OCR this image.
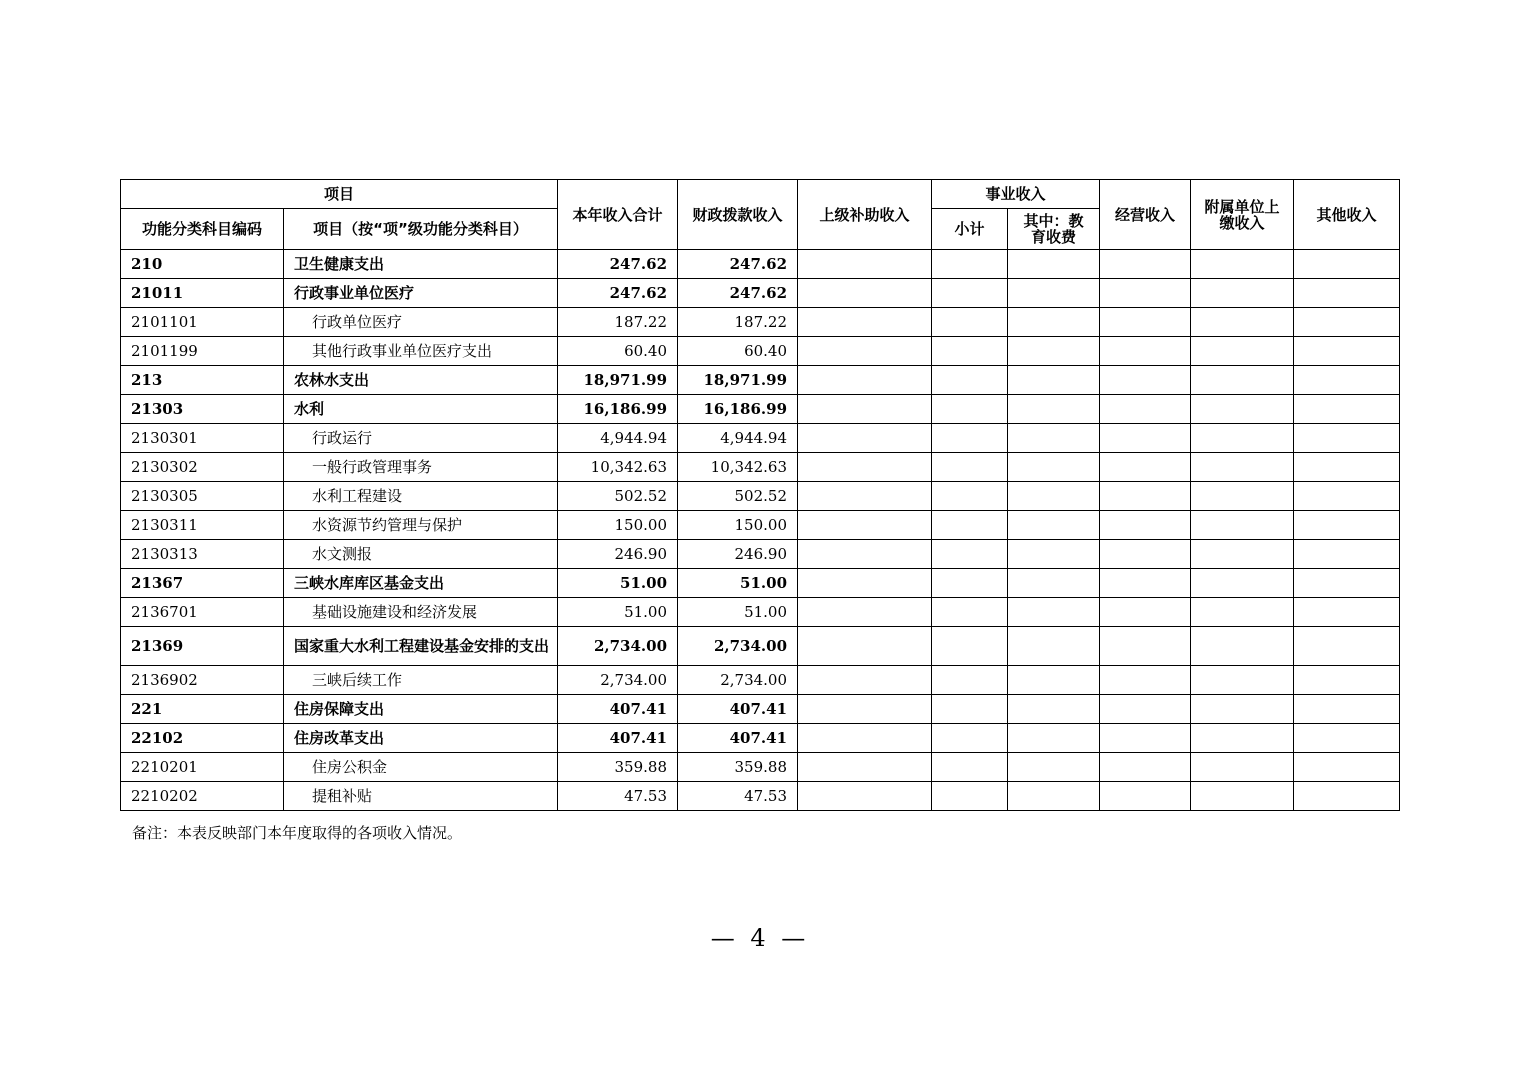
项目		本年收入合计	财政拨款收入	上级补助收入	事业收入		经营收入	附属单位上缴收入	其他收入
功能分类科目编码	项目（按“项”级功能分类科目）				小计	其中：教育收费			
210	卫生健康支出	247.62	247.62						
21011	行政事业单位医疗	247.62	247.62						
2101101	行政单位医疗	187.22	187.22						
2101199	其他行政事业单位医疗支出	60.40	60.40						
213	农林水支出	18,971.99	18,971.99						
21303	水利	16,186.99	16,186.99						
2130301	行政运行	4,944.94	4,944.94						
2130302	一般行政管理事务	10,342.63	10,342.63						
2130305	水利工程建设	502.52	502.52						
2130311	水资源节约管理与保护	150.00	150.00						
2130313	水文测报	246.90	246.90						
21367	三峡水库库区基金支出	51.00	51.00						
2136701	基础设施建设和经济发展	51.00	51.00						
21369	国家重大水利工程建设基金安排的支出	2,734.00	2,734.00						
2136902	三峡后续工作	2,734.00	2,734.00						
221	住房保障支出	407.41	407.41						
22102	住房改革支出	407.41	407.41						
2210201	住房公积金	359.88	359.88						
2210202	提租补贴	47.53	47.53						
备注：本表反映部门本年度取得的各项收入情况。
— 4 —
